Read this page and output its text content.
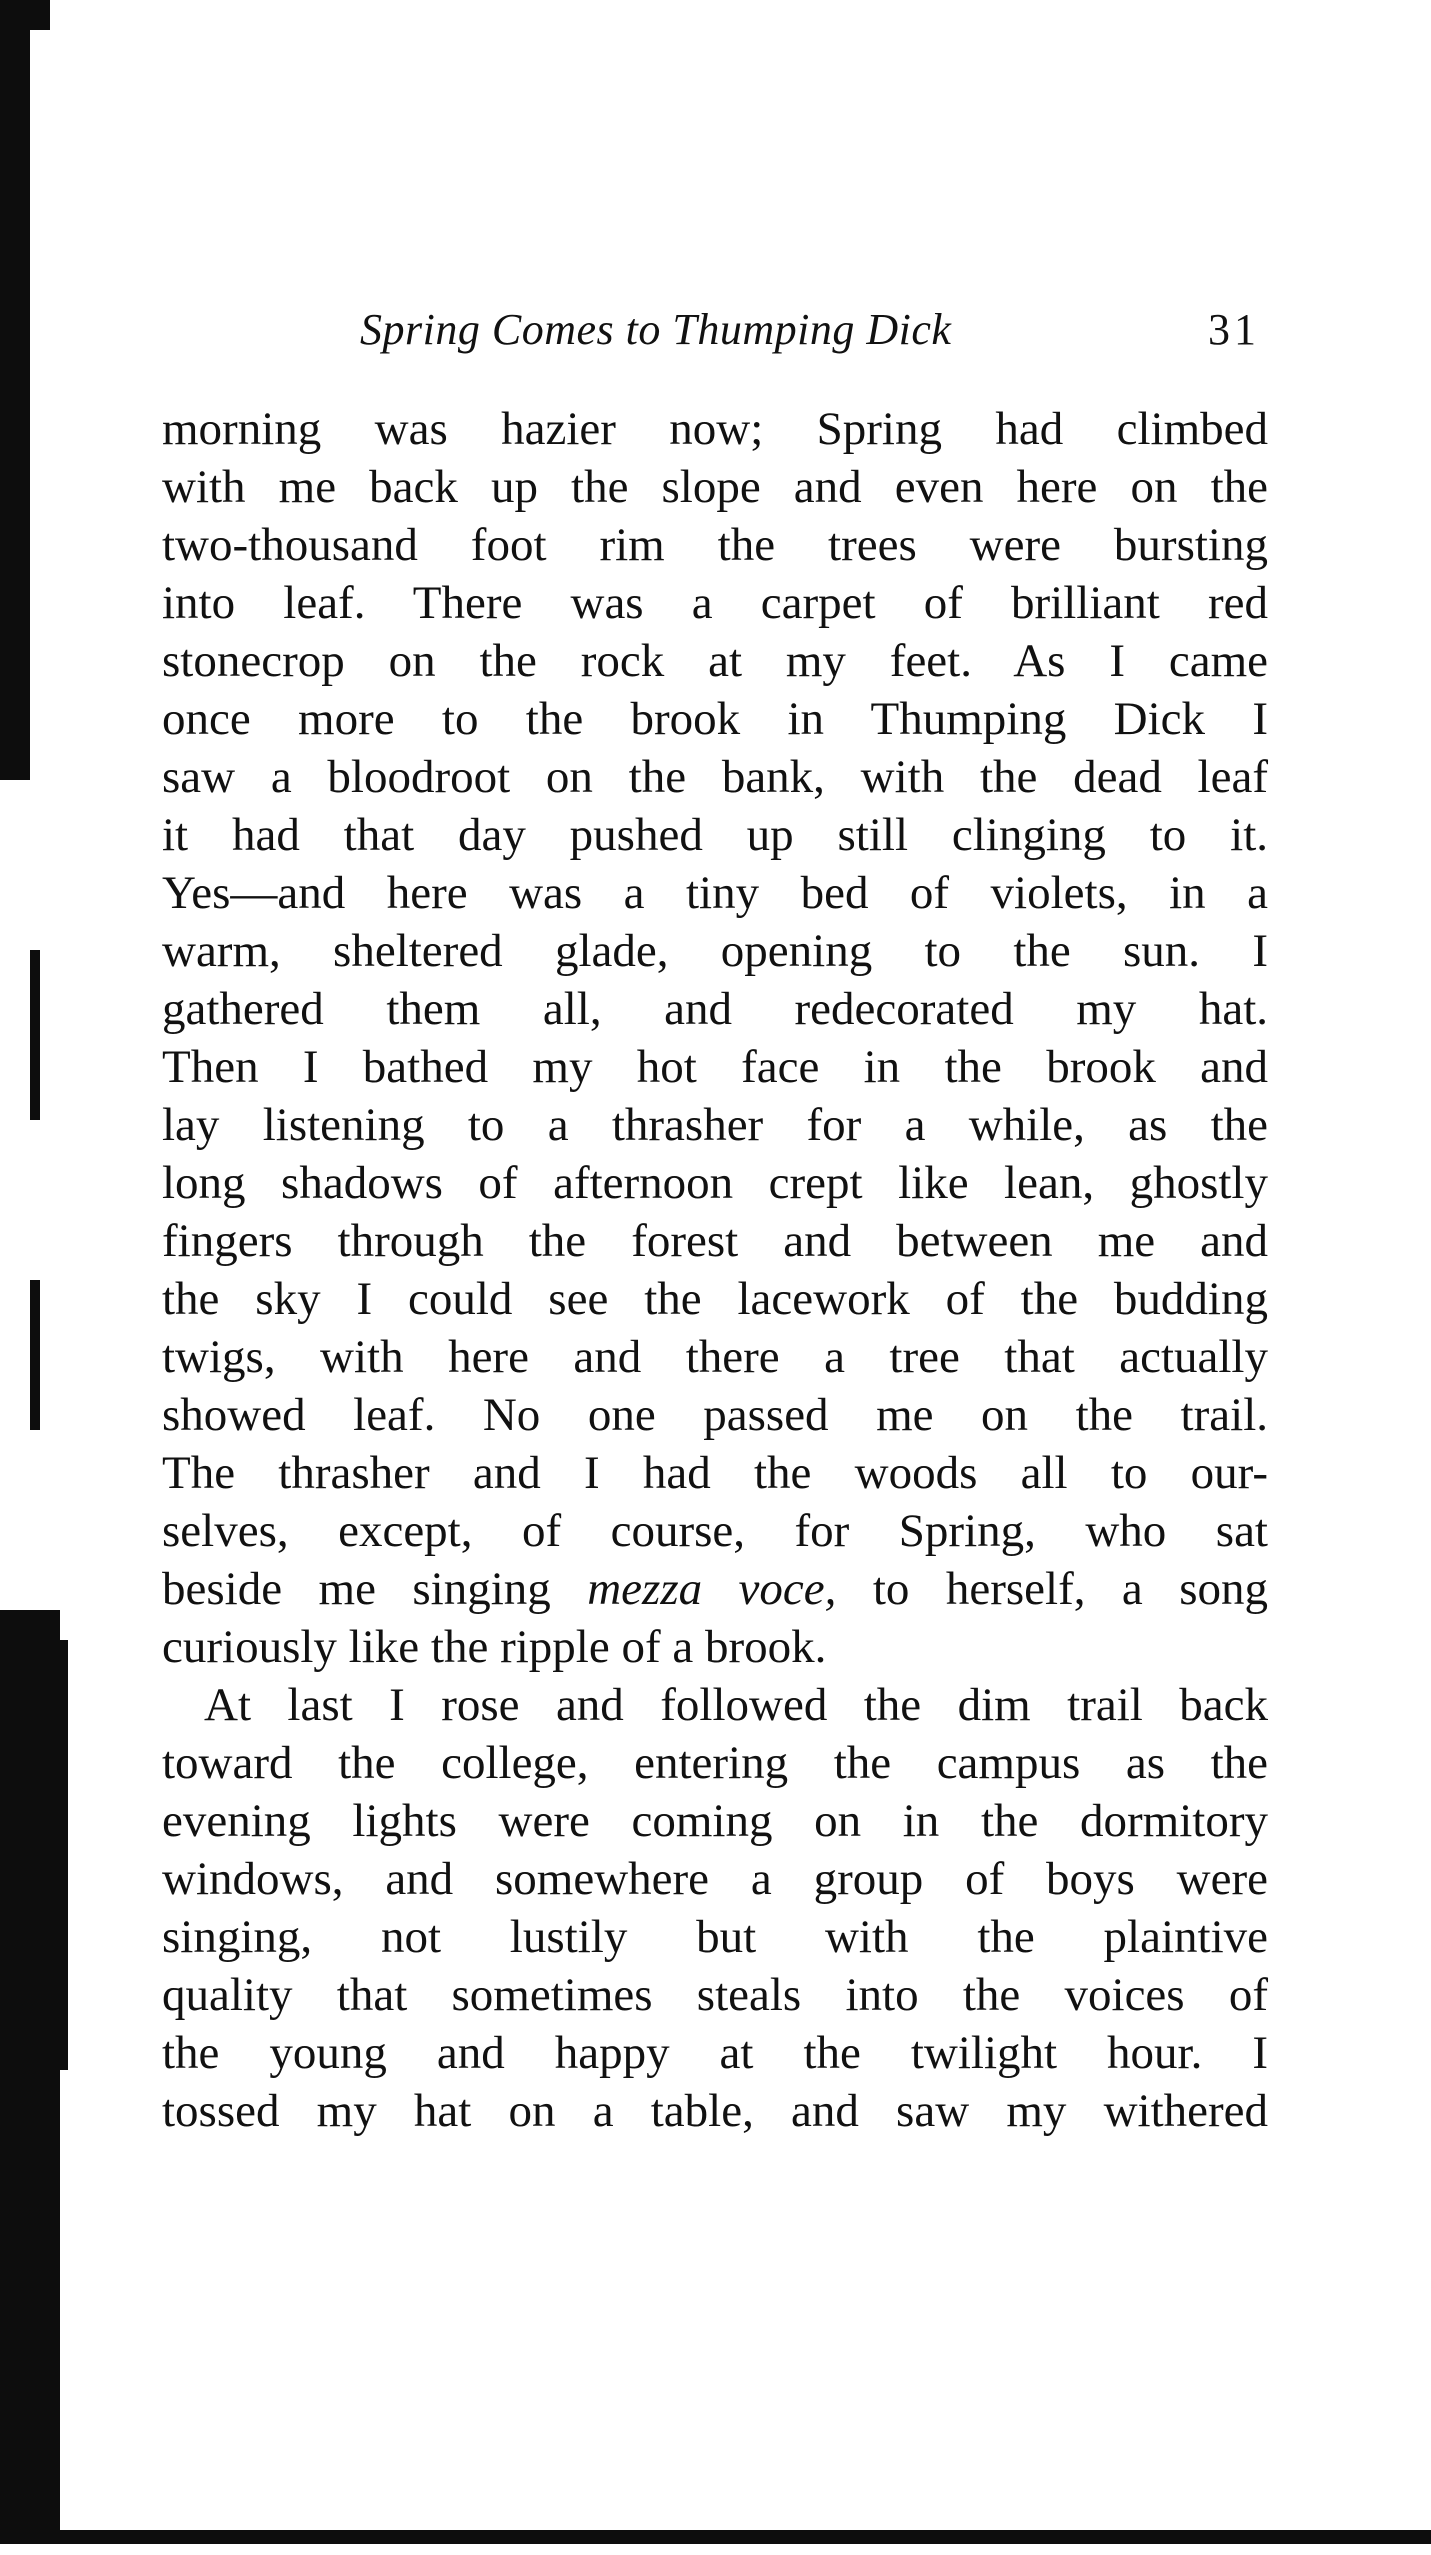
Spring Comes to Thumping Dick	31
morning was hazier now; Spring had climbed
with me back up the slope and even here on the
two-thousand foot rim the trees were bursting
into leaf. There was a carpet of brilliant red
stonecrop on the rock at my feet. As I came
once more to the brook in Thumping Dick I
saw a bloodroot on the bank, with the dead leaf
it had that day pushed up still clinging to it.
Yes—and here was a tiny bed of violets, in a
warm, sheltered glade, opening to the sun. I
gathered them all, and redecorated my hat.
Then I bathed my hot face in the brook and
lay listening to a thrasher for a while, as the
long shadows of afternoon crept like lean, ghostly
fingers through the forest and between me and
the sky I could see the lacework of the budding
twigs, with here and there a tree that actually
showed leaf. No one passed me on the trail.
The thrasher and I had the woods all to our-
selves, except, of course, for Spring, who sat
beside me singing mezza voce, to herself, a song
curiously like the ripple of a brook.
At last I rose and followed the dim trail back
toward the college, entering the campus as the
evening lights were coming on in the dormitory
windows, and somewhere a group of boys were
singing, not lustily but with the plaintive
quality that sometimes steals into the voices of
the young and happy at the twilight hour. I
tossed my hat on a table, and saw my withered
